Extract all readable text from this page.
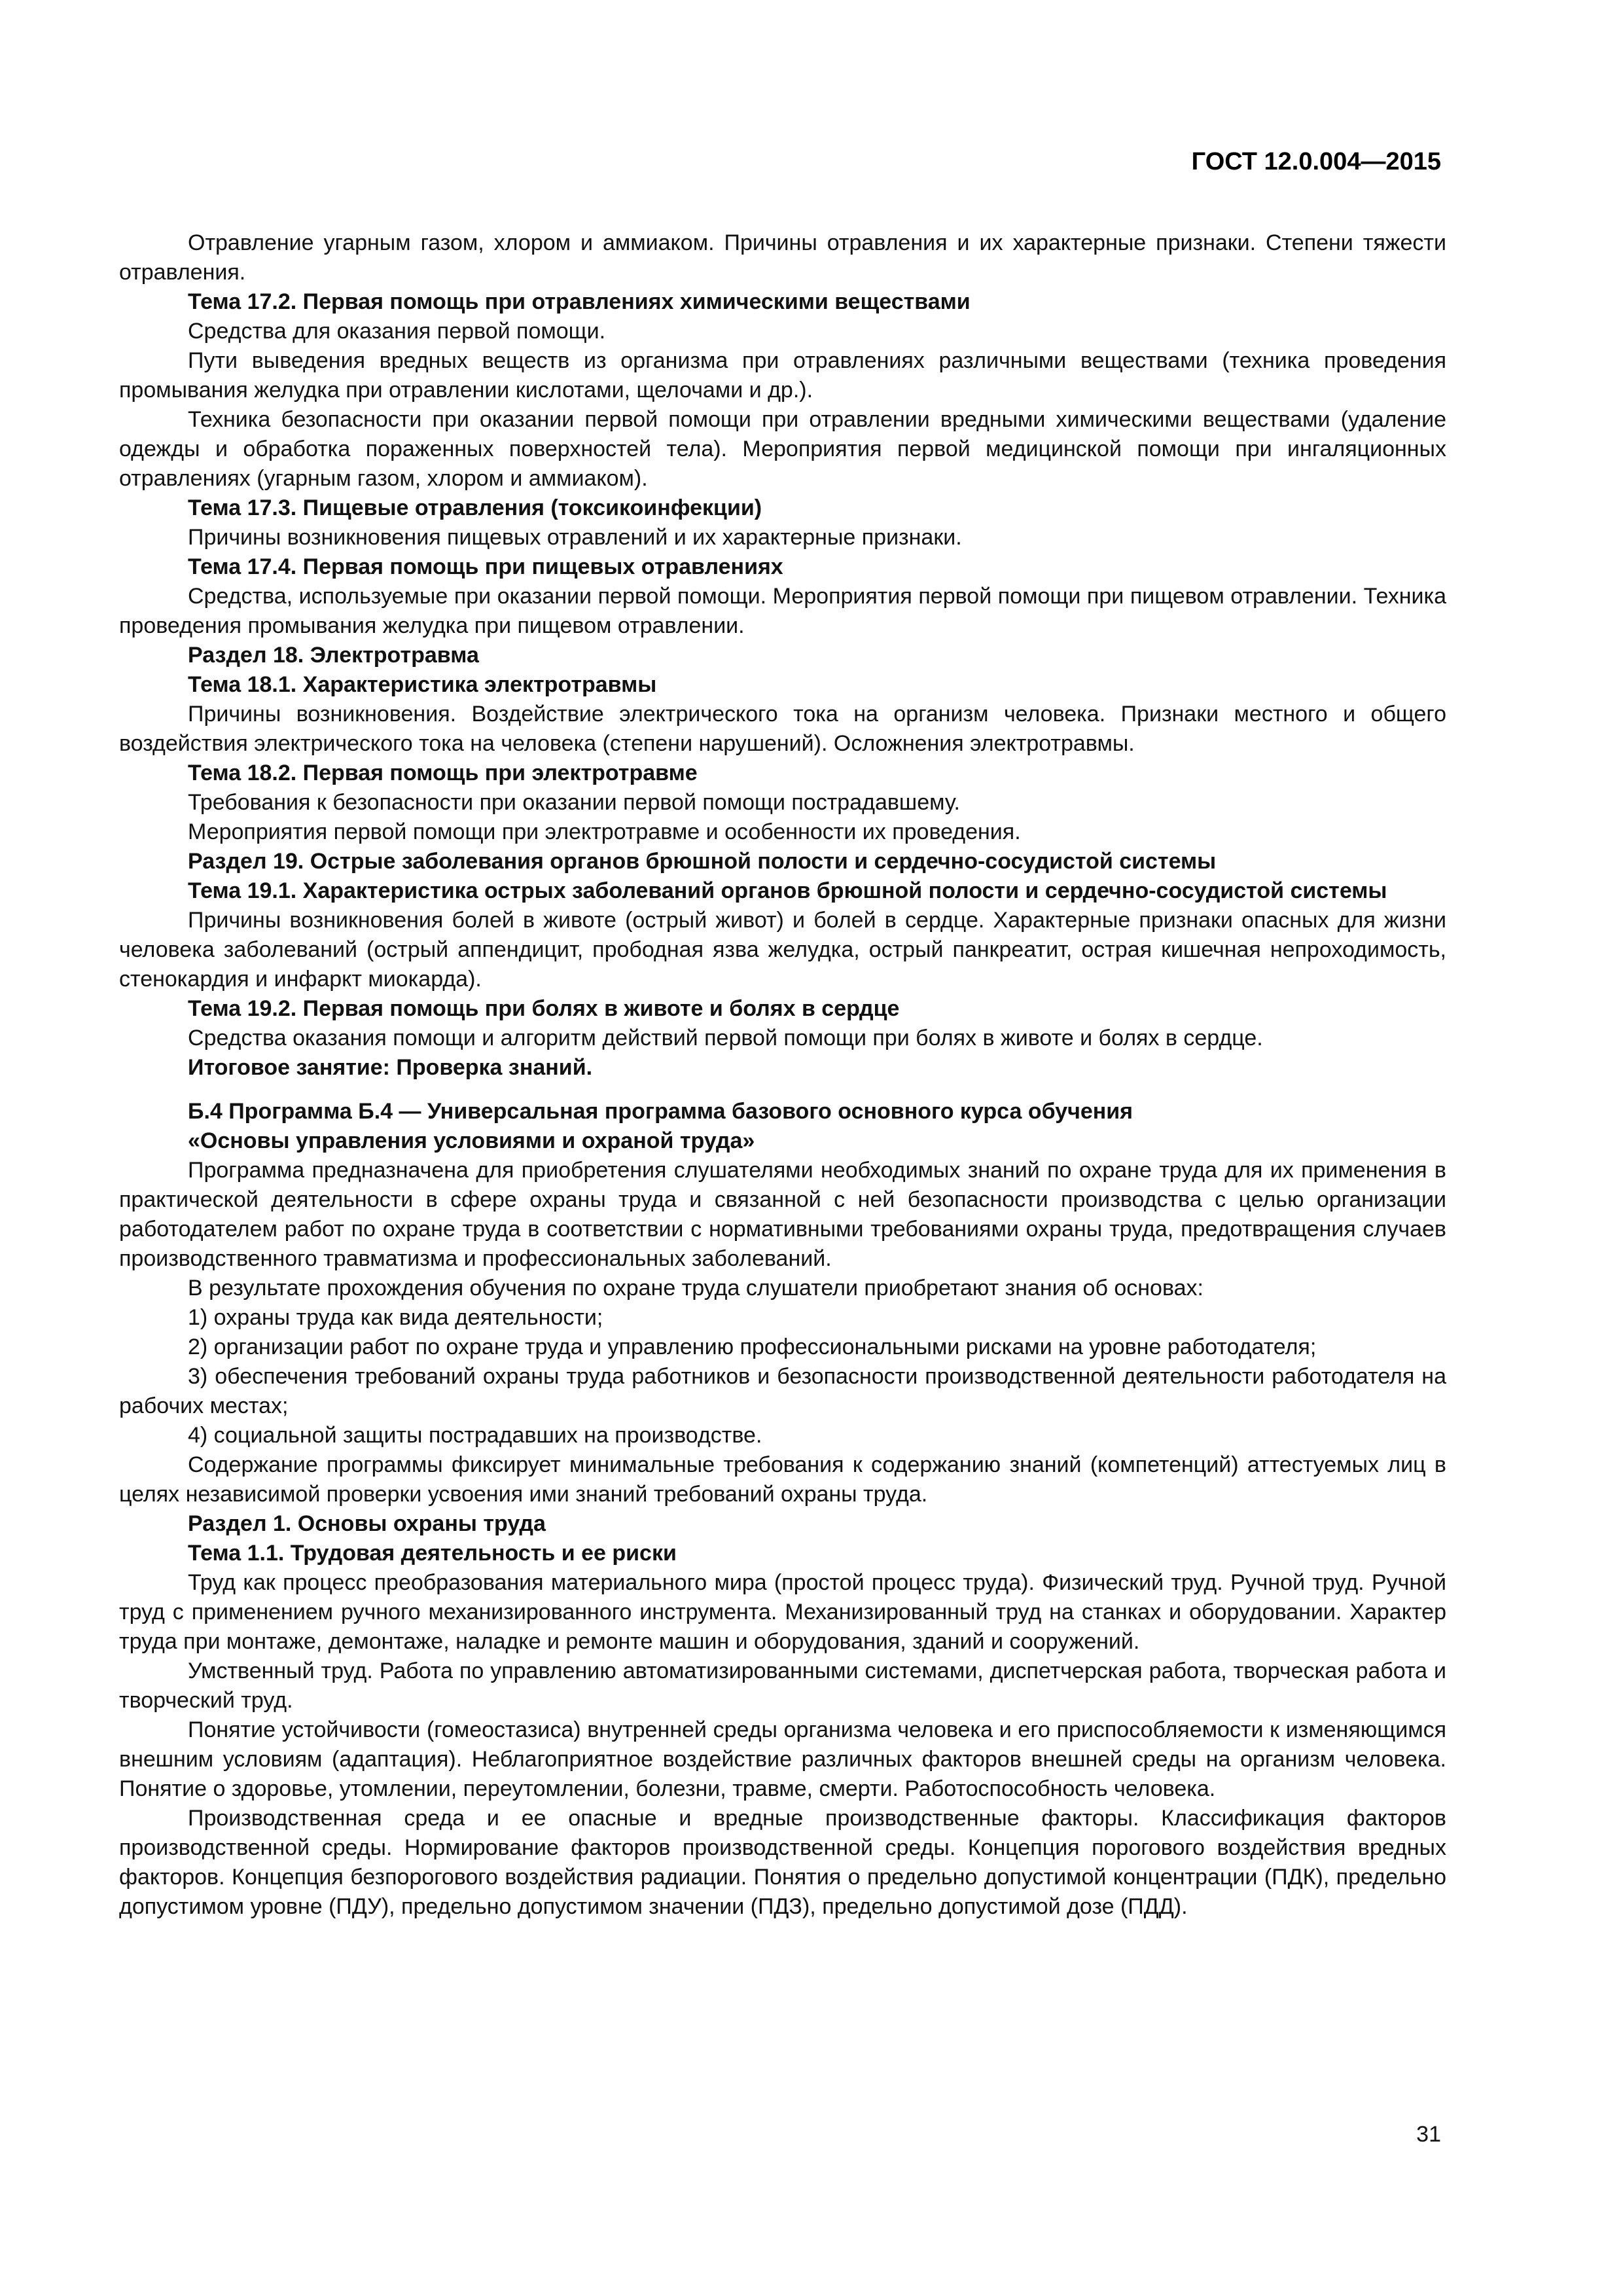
ГОСТ 12.0.004—2015

Отравление угарным газом, хлором и аммиаком. Причины отравления и их характерные признаки. Степени тяжести отравления.

Тема 17.2. Первая помощь при отравлениях химическими веществами

Средства для оказания первой помощи.

Пути выведения вредных веществ из организма при отравлениях различными веществами (техника проведения промывания желудка при отравлении кислотами, щелочами и др.).

Техника безопасности при оказании первой помощи при отравлении вредными химическими веществами (удаление одежды и обработка пораженных поверхностей тела). Мероприятия первой медицинской помощи при ингаляционных отравлениях (угарным газом, хлором и аммиаком).

Тема 17.3. Пищевые отравления (токсикоинфекции)

Причины возникновения пищевых отравлений и их характерные признаки.

Тема 17.4. Первая помощь при пищевых отравлениях

Средства, используемые при оказании первой помощи. Мероприятия первой помощи при пищевом отравлении. Техника проведения промывания желудка при пищевом отравлении.

Раздел 18. Электротравма

Тема 18.1. Характеристика электротравмы

Причины возникновения. Воздействие электрического тока на организм человека. Признаки местного и общего воздействия электрического тока на человека (степени нарушений). Осложнения электротравмы.

Тема 18.2. Первая помощь при электротравме

Требования к безопасности при оказании первой помощи пострадавшему.

Мероприятия первой помощи при электротравме и особенности их проведения.

Раздел 19. Острые заболевания органов брюшной полости и сердечно-сосудистой системы

Тема 19.1. Характеристика острых заболеваний органов брюшной полости и сердечно-сосудистой системы

Причины возникновения болей в животе (острый живот) и болей в сердце. Характерные признаки опасных для жизни человека заболеваний (острый аппендицит, прободная язва желудка, острый панкреатит, острая кишечная непроходимость, стенокардия и инфаркт миокарда).

Тема 19.2. Первая помощь при болях в животе и болях в сердце

Средства оказания помощи и алгоритм действий первой помощи при болях в животе и болях в сердце.

Итоговое занятие: Проверка знаний.

Б.4 Программа Б.4 — Универсальная программа базового основного курса обучения

«Основы управления условиями и охраной труда»

Программа предназначена для приобретения слушателями необходимых знаний по охране труда для их применения в практической деятельности в сфере охраны труда и связанной с ней безопасности производства с целью организации работодателем работ по охране труда в соответствии с нормативными требованиями охраны труда, предотвращения случаев производственного травматизма и профессиональных заболеваний.

В результате прохождения обучения по охране труда слушатели приобретают знания об основах:

1) охраны труда как вида деятельности;

2) организации работ по охране труда и управлению профессиональными рисками на уровне работодателя;

3) обеспечения требований охраны труда работников и безопасности производственной деятельности работодателя на рабочих местах;

4) социальной защиты пострадавших на производстве.

Содержание программы фиксирует минимальные требования к содержанию знаний (компетенций) аттестуемых лиц в целях независимой проверки усвоения ими знаний требований охраны труда.

Раздел 1. Основы охраны труда

Тема 1.1. Трудовая деятельность и ее риски

Труд как процесс преобразования материального мира (простой процесс труда). Физический труд. Ручной труд. Ручной труд с применением ручного механизированного инструмента. Механизированный труд на станках и оборудовании. Характер труда при монтаже, демонтаже, наладке и ремонте машин и оборудования, зданий и сооружений.

Умственный труд. Работа по управлению автоматизированными системами, диспетчерская работа, творческая работа и творческий труд.

Понятие устойчивости (гомеостазиса) внутренней среды организма человека и его приспособляемости к изменяющимся внешним условиям (адаптация). Неблагоприятное воздействие различных факторов внешней среды на организм человека. Понятие о здоровье, утомлении, переутомлении, болезни, травме, смерти. Работоспособность человека.

Производственная среда и ее опасные и вредные производственные факторы. Классификация факторов производственной среды. Нормирование факторов производственной среды. Концепция порогового воздействия вредных факторов. Концепция безпорогового воздействия радиации. Понятия о предельно допустимой концентрации (ПДК), предельно допустимом уровне (ПДУ), предельно допустимом значении (ПДЗ), предельно допустимой дозе (ПДД).

31
